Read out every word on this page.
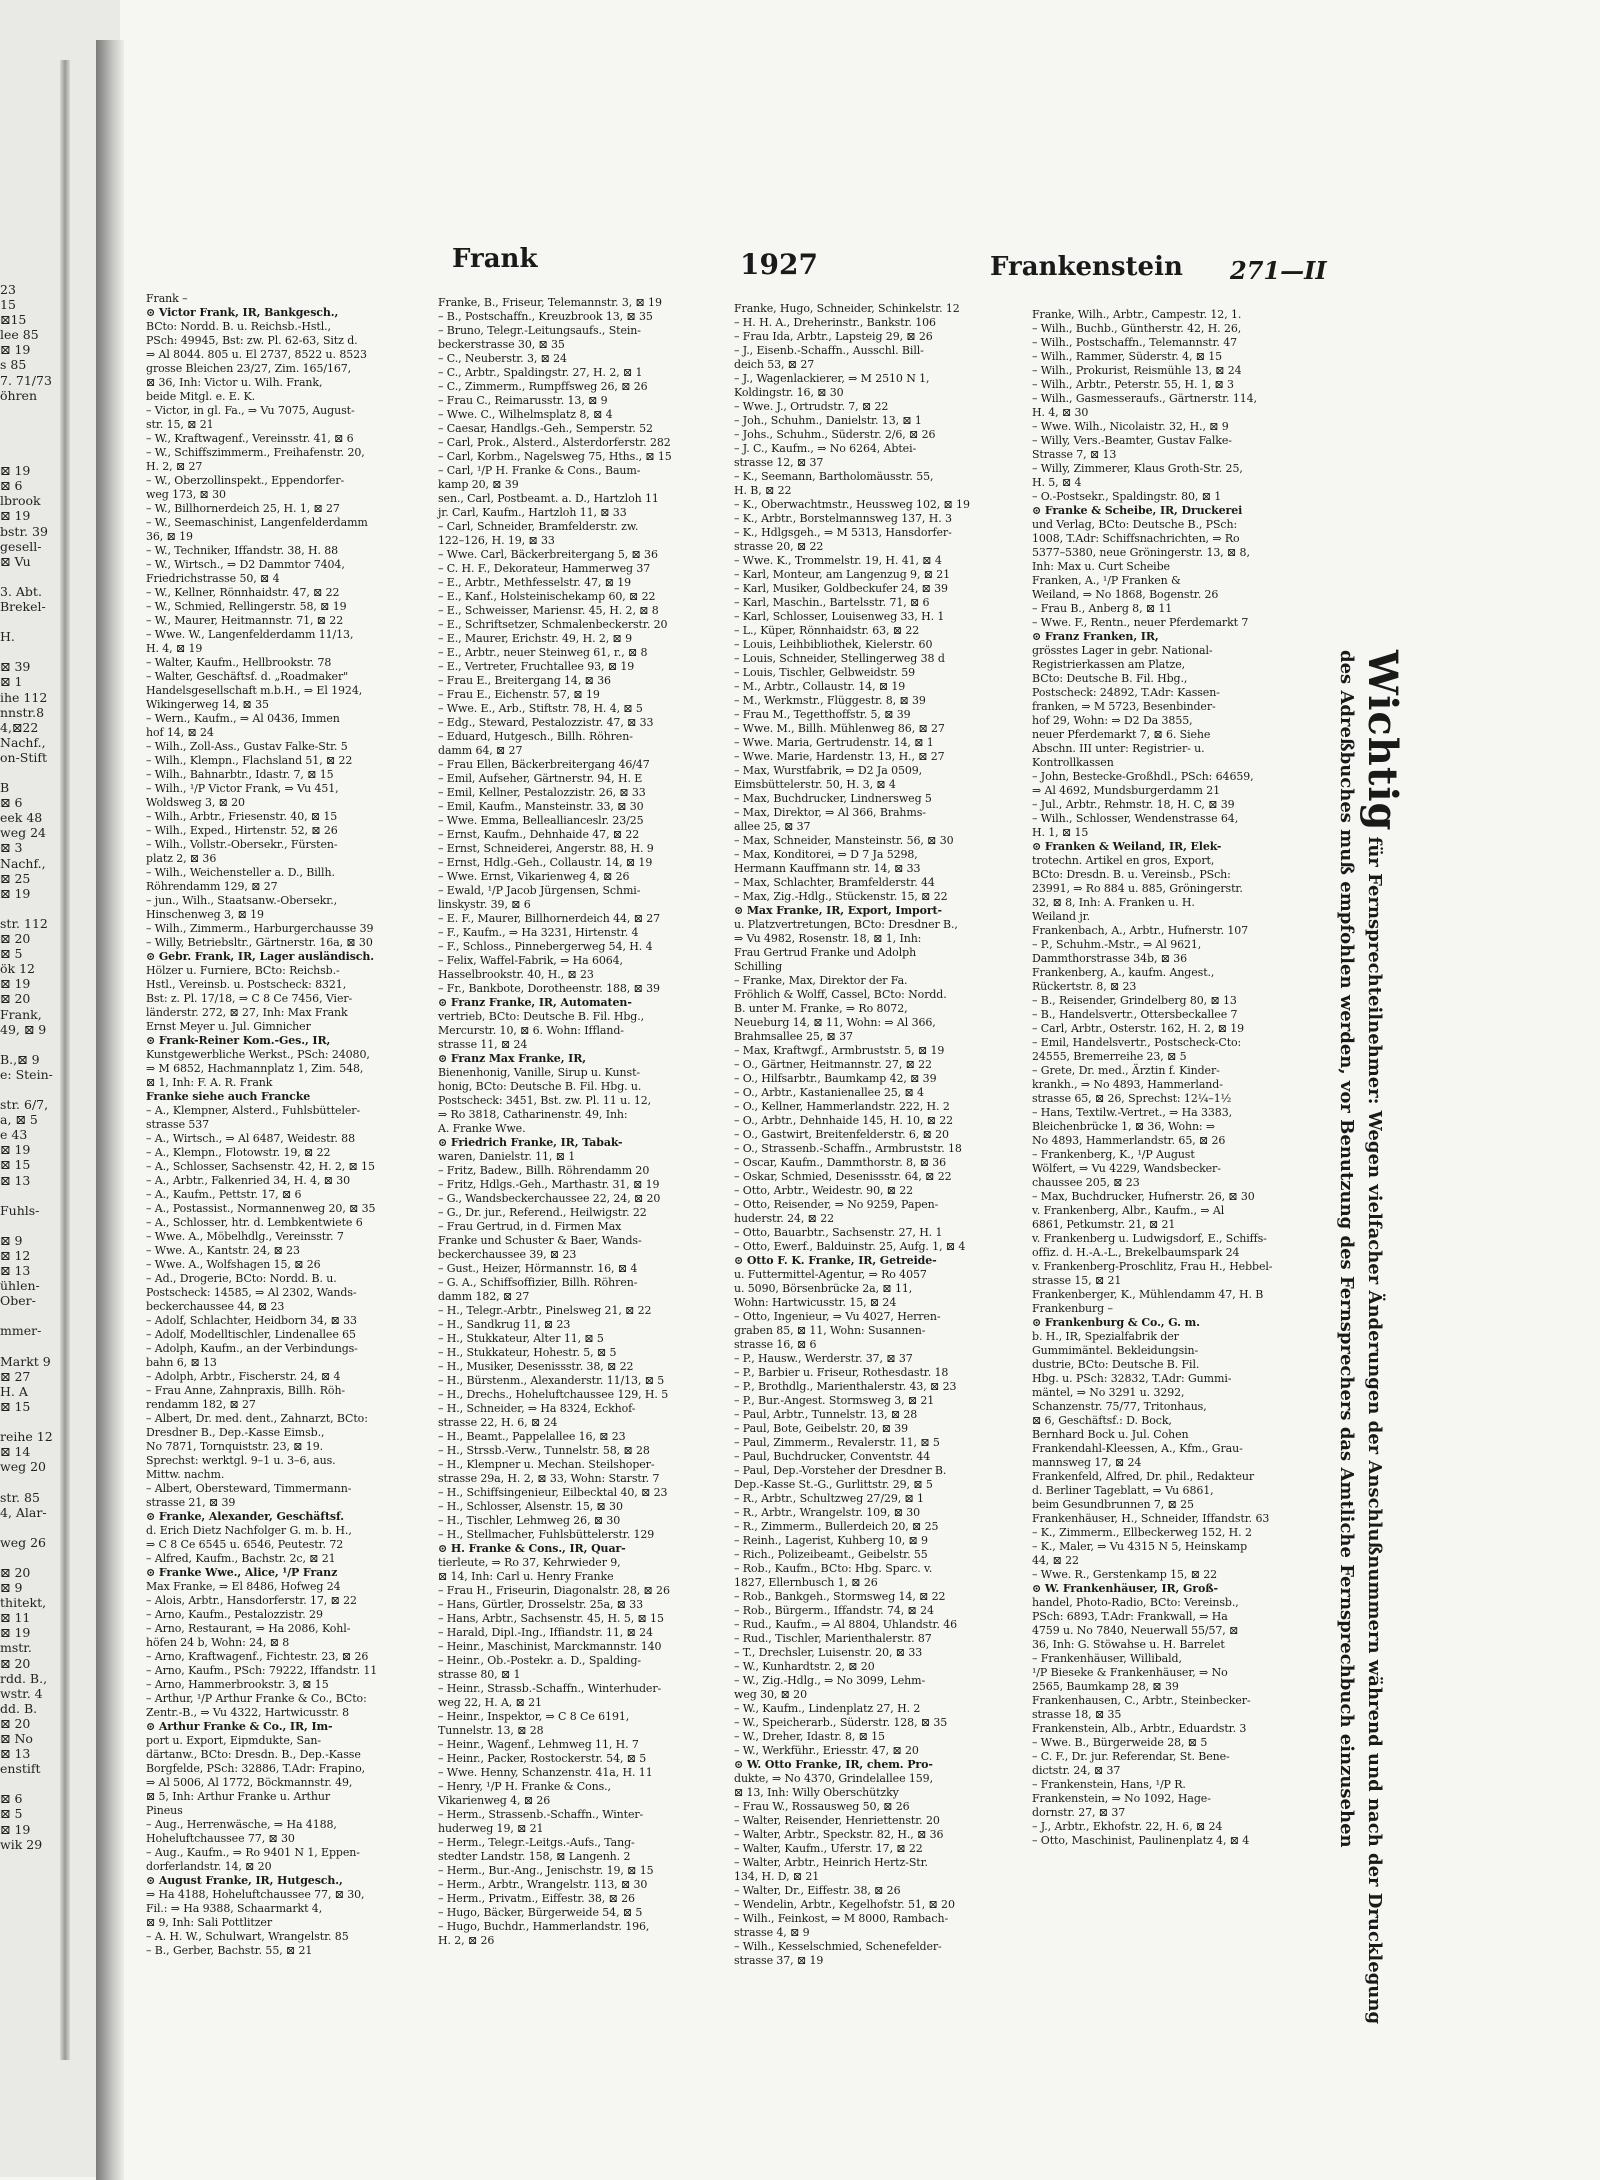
23
15
⊠15
lee 85
⊠ 19
s 85
7. 71/73
öhren
⊠ 19
⊠ 6
lbrook
⊠ 19
bstr. 39
gesell-
⊠ Vu
3. Abt.
Brekel-
H.
⊠ 39
⊠ 1
ihe 112
nnstr.8
4,⊠22
Nachf.,
on-Stift
B
⊠ 6
eek 48
weg 24
⊠ 3
Nachf.,
⊠ 25
⊠ 19
str. 112
⊠ 20
⊠ 5
ök 12
⊠ 19
⊠ 20
Frank,
49, ⊠ 9
B.,⊠ 9
e: Stein-
str. 6/7,
a, ⊠ 5
e 43
⊠ 19
⊠ 15
⊠ 13
Fuhls-
⊠ 9
⊠ 12
⊠ 13
ühlen-
Ober-
mmer-
Markt 9
⊠ 27
H. A
⊠ 15
reihe 12
⊠ 14
weg 20
str. 85
4, Alar-
weg 26
⊠ 20
⊠ 9
thitekt,
⊠ 11
⊠ 19
mstr.
⊠ 20
rdd. B.,
wstr. 4
dd. B.
⊠ 20
⊠ No
⊠ 13
enstift
⊠ 6
⊠ 5
⊠ 19
wik 29
Frank	1927	Frankenstein 271—II
Frank –
⊙ Victor Frank, IR, Bankgesch.,
BCto: Nordd. B. u. Reichsb.-Hstl.,
PSch: 49945, Bst: zw. Pl. 62-63, Sitz d.
⇒ Al 8044. 805 u. El 2737, 8522 u. 8523
grosse Bleichen 23/27, Zim. 165/167,
⊠ 36, Inh: Victor u. Wilh. Frank,
beide Mitgl. e. E. K.
– Victor, in gl. Fa., ⇒ Vu 7075, August-
str. 15, ⊠ 21
– W., Kraftwagenf., Vereinsstr. 41, ⊠ 6
– W., Schiffszimmerm., Freihafenstr. 20,
H. 2, ⊠ 27
– W., Oberzollinspekt., Eppendorfer-
weg 173, ⊠ 30
– W., Billhornerdeich 25, H. 1, ⊠ 27
– W., Seemaschinist, Langenfelderdamm
36, ⊠ 19
– W., Techniker, Iffandstr. 38, H. 88
– W., Wirtsch., ⇒ D2 Dammtor 7404,
Friedrichstrasse 50, ⊠ 4
– W., Kellner, Rönnhaidstr. 47, ⊠ 22
– W., Schmied, Rellingerstr. 58, ⊠ 19
– W., Maurer, Heitmannstr. 71, ⊠ 22
– Wwe. W., Langenfelderdamm 11/13,
H. 4, ⊠ 19
– Walter, Kaufm., Hellbrookstr. 78
– Walter, Geschäftsf. d. „Roadmaker"
Handelsgesellschaft m.b.H., ⇒ El 1924,
Wikingerweg 14, ⊠ 35
– Wern., Kaufm., ⇒ Al 0436, Immen
hof 14, ⊠ 24
– Wilh., Zoll-Ass., Gustav Falke-Str. 5
– Wilh., Klempn., Flachsland 51, ⊠ 22
– Wilh., Bahnarbtr., Idastr. 7, ⊠ 15
– Wilh., ¹/P Victor Frank, ⇒ Vu 451,
Woldsweg 3, ⊠ 20
– Wilh., Arbtr., Friesenstr. 40, ⊠ 15
– Wilh., Exped., Hirtenstr. 52, ⊠ 26
– Wilh., Vollstr.-Obersekr., Fürsten-
platz 2, ⊠ 36
– Wilh., Weichensteller a. D., Billh.
Röhrendamm 129, ⊠ 27
– jun., Wilh., Staatsanw.-Obersekr.,
Hinschenweg 3, ⊠ 19
– Wilh., Zimmerm., Harburgerchausse 39
– Willy, Betriebsltr., Gärtnerstr. 16a, ⊠ 30
⊙ Gebr. Frank, IR, Lager ausländisch.
Hölzer u. Furniere, BCto: Reichsb.-
Hstl., Vereinsb. u. Postscheck: 8321,
Bst: z. Pl. 17/18, ⇒ C 8 Ce 7456, Vier-
länderstr. 272, ⊠ 27, Inh: Max Frank
Ernst Meyer u. Jul. Gimnicher
⊙ Frank-Reiner Kom.-Ges., IR,
Kunstgewerbliche Werkst., PSch: 24080,
⇒ M 6852, Hachmannplatz 1, Zim. 548,
⊠ 1, Inh: F. A. R. Frank
Franke siehe auch Francke
– A., Klempner, Alsterd., Fuhlsbütteler-
strasse 537
– A., Wirtsch., ⇒ Al 6487, Weidestr. 88
– A., Klempn., Flotowstr. 19, ⊠ 22
– A., Schlosser, Sachsenstr. 42, H. 2, ⊠ 15
– A., Arbtr., Falkenried 34, H. 4, ⊠ 30
– A., Kaufm., Pettstr. 17, ⊠ 6
– A., Postassist., Normannenweg 20, ⊠ 35
– A., Schlosser, htr. d. Lembkentwiete 6
– Wwe. A., Möbelhdlg., Vereinsstr. 7
– Wwe. A., Kantstr. 24, ⊠ 23
– Wwe. A., Wolfshagen 15, ⊠ 26
– Ad., Drogerie, BCto: Nordd. B. u.
Postscheck: 14585, ⇒ Al 2302, Wands-
beckerchaussee 44, ⊠ 23
– Adolf, Schlachter, Heidborn 34, ⊠ 33
– Adolf, Modelltischler, Lindenallee 65
– Adolph, Kaufm., an der Verbindungs-
bahn 6, ⊠ 13
– Adolph, Arbtr., Fischerstr. 24, ⊠ 4
– Frau Anne, Zahnpraxis, Billh. Röh-
rendamm 182, ⊠ 27
– Albert, Dr. med. dent., Zahnarzt, BCto:
Dresdner B., Dep.-Kasse Eimsb.,
No 7871, Tornquiststr. 23, ⊠ 19.
Sprechst: werktgl. 9–1 u. 3–6, aus.
Mittw. nachm.
– Albert, Obersteward, Timmermann-
strasse 21, ⊠ 39
⊙ Franke, Alexander, Geschäftsf.
d. Erich Dietz Nachfolger G. m. b. H.,
⇒ C 8 Ce 6545 u. 6546, Peutestr. 72
– Alfred, Kaufm., Bachstr. 2c, ⊠ 21
⊙ Franke Wwe., Alice, ¹/P Franz
Max Franke, ⇒ El 8486, Hofweg 24
– Alois, Arbtr., Hansdorferstr. 17, ⊠ 22
– Arno, Kaufm., Pestalozzistr. 29
– Arno, Restaurant, ⇒ Ha 2086, Kohl-
höfen 24 b, Wohn: 24, ⊠ 8
– Arno, Kraftwagenf., Fichtestr. 23, ⊠ 26
– Arno, Kaufm., PSch: 79222, Iffandstr. 11
– Arno, Hammerbrookstr. 3, ⊠ 15
– Arthur, ¹/P Arthur Franke & Co., BCto:
Zentr.-B., ⇒ Vu 4322, Hartwicusstr. 8
⊙ Arthur Franke & Co., IR, Im-
port u. Export, Eipmdukte, San-
därtanw., BCto: Dresdn. B., Dep.-Kasse
Borgfelde, PSch: 32886, T.Adr: Frapino,
⇒ Al 5006, Al 1772, Böckmannstr. 49,
⊠ 5, Inh: Arthur Franke u. Arthur
Pineus
– Aug., Herrenwäsche, ⇒ Ha 4188,
Hoheluftchaussee 77, ⊠ 30
– Aug., Kaufm., ⇒ Ro 9401 N 1, Eppen-
dorferlandstr. 14, ⊠ 20
⊙ August Franke, IR, Hutgesch.,
⇒ Ha 4188, Hoheluftchaussee 77, ⊠ 30,
Fil.: ⇒ Ha 9388, Schaarmarkt 4,
⊠ 9, Inh: Sali Pottlitzer
– A. H. W., Schulwart, Wrangelstr. 85
– B., Gerber, Bachstr. 55, ⊠ 21
Franke, B., Friseur, Telemannstr. 3, ⊠ 19
– B., Postschaffn., Kreuzbrook 13, ⊠ 35
– Bruno, Telegr.-Leitungsaufs., Stein-
beckerstrasse 30, ⊠ 35
– C., Neuberstr. 3, ⊠ 24
– C., Arbtr., Spaldingstr. 27, H. 2, ⊠ 1
– C., Zimmerm., Rumpffsweg 26, ⊠ 26
– Frau C., Reimarusstr. 13, ⊠ 9
– Wwe. C., Wilhelmsplatz 8, ⊠ 4
– Caesar, Handlgs.-Geh., Semperstr. 52
– Carl, Prok., Alsterd., Alsterdorferstr. 282
– Carl, Korbm., Nagelsweg 75, Hths., ⊠ 15
– Carl, ¹/P H. Franke & Cons., Baum-
kamp 20, ⊠ 39
sen., Carl, Postbeamt. a. D., Hartzloh 11
jr. Carl, Kaufm., Hartzloh 11, ⊠ 33
– Carl, Schneider, Bramfelderstr. zw.
122–126, H. 19, ⊠ 33
– Wwe. Carl, Bäckerbreitergang 5, ⊠ 36
– C. H. F., Dekorateur, Hammerweg 37
– E., Arbtr., Methfesselstr. 47, ⊠ 19
– E., Kanf., Holsteinischekamp 60, ⊠ 22
– E., Schweisser, Mariensr. 45, H. 2, ⊠ 8
– E., Schriftsetzer, Schmalenbeckerstr. 20
– E., Maurer, Erichstr. 49, H. 2, ⊠ 9
– E., Arbtr., neuer Steinweg 61, r., ⊠ 8
– E., Vertreter, Fruchtallee 93, ⊠ 19
– Frau E., Breitergang 14, ⊠ 36
– Frau E., Eichenstr. 57, ⊠ 19
– Wwe. E., Arb., Stiftstr. 78, H. 4, ⊠ 5
– Edg., Steward, Pestalozzistr. 47, ⊠ 33
– Eduard, Hutgesch., Billh. Röhren-
damm 64, ⊠ 27
– Frau Ellen, Bäckerbreitergang 46/47
– Emil, Aufseher, Gärtnerstr. 94, H. E
– Emil, Kellner, Pestalozzistr. 26, ⊠ 33
– Emil, Kaufm., Mansteinstr. 33, ⊠ 30
– Wwe. Emma, Belleallianceslr. 23/25
– Ernst, Kaufm., Dehnhaide 47, ⊠ 22
– Ernst, Schneiderei, Angerstr. 88, H. 9
– Ernst, Hdlg.-Geh., Collaustr. 14, ⊠ 19
– Wwe. Ernst, Vikarienweg 4, ⊠ 26
– Ewald, ¹/P Jacob Jürgensen, Schmi-
linskystr. 39, ⊠ 6
– E. F., Maurer, Billhornerdeich 44, ⊠ 27
– F., Kaufm., ⇒ Ha 3231, Hirtenstr. 4
– F., Schloss., Pinnebergerweg 54, H. 4
– Felix, Waffel-Fabrik, ⇒ Ha 6064,
Hasselbrookstr. 40, H., ⊠ 23
– Fr., Bankbote, Dorotheenstr. 188, ⊠ 39
⊙ Franz Franke, IR, Automaten-
vertrieb, BCto: Deutsche B. Fil. Hbg.,
Mercurstr. 10, ⊠ 6. Wohn: Iffland-
strasse 11, ⊠ 24
⊙ Franz Max Franke, IR,
Bienenhonig, Vanille, Sirup u. Kunst-
honig, BCto: Deutsche B. Fil. Hbg. u.
Postscheck: 3451, Bst. zw. Pl. 11 u. 12,
⇒ Ro 3818, Catharinenstr. 49, Inh:
A. Franke Wwe.
⊙ Friedrich Franke, IR, Tabak-
waren, Danielstr. 11, ⊠ 1
– Fritz, Badew., Billh. Röhrendamm 20
– Fritz, Hdlgs.-Geh., Marthastr. 31, ⊠ 19
– G., Wandsbeckerchaussee 22, 24, ⊠ 20
– G., Dr. jur., Referend., Heilwigstr. 22
– Frau Gertrud, in d. Firmen Max
Franke und Schuster & Baer, Wands-
beckerchaussee 39, ⊠ 23
– Gust., Heizer, Hörmannstr. 16, ⊠ 4
– G. A., Schiffsoffizier, Billh. Röhren-
damm 182, ⊠ 27
– H., Telegr.-Arbtr., Pinelsweg 21, ⊠ 22
– H., Sandkrug 11, ⊠ 23
– H., Stukkateur, Alter 11, ⊠ 5
– H., Stukkateur, Hohestr. 5, ⊠ 5
– H., Musiker, Desenissstr. 38, ⊠ 22
– H., Bürstenm., Alexanderstr. 11/13, ⊠ 5
– H., Drechs., Hoheluftchaussee 129, H. 5
– H., Schneider, ⇒ Ha 8324, Eckhof-
strasse 22, H. 6, ⊠ 24
– H., Beamt., Pappelallee 16, ⊠ 23
– H., Strssb.-Verw., Tunnelstr. 58, ⊠ 28
– H., Klempner u. Mechan. Steilshoper-
strasse 29a, H. 2, ⊠ 33, Wohn: Starstr. 7
– H., Schiffsingenieur, Eilbecktal 40, ⊠ 23
– H., Schlosser, Alsenstr. 15, ⊠ 30
– H., Tischler, Lehmweg 26, ⊠ 30
– H., Stellmacher, Fuhlsbüttelerstr. 129
⊙ H. Franke & Cons., IR, Quar-
tierleute, ⇒ Ro 37, Kehrwieder 9,
⊠ 14, Inh: Carl u. Henry Franke
– Frau H., Friseurin, Diagonalstr. 28, ⊠ 26
– Hans, Gürtler, Drosselstr. 25a, ⊠ 33
– Hans, Arbtr., Sachsenstr. 45, H. 5, ⊠ 15
– Harald, Dipl.-Ing., Iffiandstr. 11, ⊠ 24
– Heinr., Maschinist, Marckmannstr. 140
– Heinr., Ob.-Postekr. a. D., Spalding-
strasse 80, ⊠ 1
– Heinr., Strassb.-Schaffn., Winterhuder-
weg 22, H. A, ⊠ 21
– Heinr., Inspektor, ⇒ C 8 Ce 6191,
Tunnelstr. 13, ⊠ 28
– Heinr., Wagenf., Lehmweg 11, H. 7
– Heinr., Packer, Rostockerstr. 54, ⊠ 5
– Wwe. Henny, Schanzenstr. 41a, H. 11
– Henry, ¹/P H. Franke & Cons.,
Vikarienweg 4, ⊠ 26
– Herm., Strassenb.-Schaffn., Winter-
huderweg 19, ⊠ 21
– Herm., Telegr.-Leitgs.-Aufs., Tang-
stedter Landstr. 158, ⊠ Langenh. 2
– Herm., Bur.-Ang., Jenischstr. 19, ⊠ 15
– Herm., Arbtr., Wrangelstr. 113, ⊠ 30
– Herm., Privatm., Eiffestr. 38, ⊠ 26
– Hugo, Bäcker, Bürgerweide 54, ⊠ 5
– Hugo, Buchdr., Hammerlandstr. 196,
H. 2, ⊠ 26
Franke, Hugo, Schneider, Schinkelstr. 12
– H. H. A., Dreherinstr., Bankstr. 106
– Frau Ida, Arbtr., Lapsteig 29, ⊠ 26
– J., Eisenb.-Schaffn., Ausschl. Bill-
deich 53, ⊠ 27
– J., Wagenlackierer, ⇒ M 2510 N 1,
Koldingstr. 16, ⊠ 30
– Wwe. J., Ortrudstr. 7, ⊠ 22
– Joh., Schuhm., Danielstr. 13, ⊠ 1
– Johs., Schuhm., Süderstr. 2/6, ⊠ 26
– J. C., Kaufm., ⇒ No 6264, Abtei-
strasse 12, ⊠ 37
– K., Seemann, Bartholomäusstr. 55,
H. B, ⊠ 22
– K., Oberwachtmstr., Heussweg 102, ⊠ 19
– K., Arbtr., Borstelmannsweg 137, H. 3
– K., Hdlgsgeh., ⇒ M 5313, Hansdorfer-
strasse 20, ⊠ 22
– Wwe. K., Trommelstr. 19, H. 41, ⊠ 4
– Karl, Monteur, am Langenzug 9, ⊠ 21
– Karl, Musiker, Goldbeckufer 24, ⊠ 39
– Karl, Maschin., Bartelsstr. 71, ⊠ 6
– Karl, Schlosser, Louisenweg 33, H. 1
– L., Küper, Rönnhaidstr. 63, ⊠ 22
– Louis, Leihbibliothek, Kielerstr. 60
– Louis, Schneider, Stellingerweg 38 d
– Louis, Tischler, Gelbweidstr. 59
– M., Arbtr., Collaustr. 14, ⊠ 19
– M., Werkmstr., Flüggestr. 8, ⊠ 39
– Frau M., Tegetthoffstr. 5, ⊠ 39
– Wwe. M., Billh. Mühlenweg 86, ⊠ 27
– Wwe. Maria, Gertrudenstr. 14, ⊠ 1
– Wwe. Marie, Hardenstr. 13, H., ⊠ 27
– Max, Wurstfabrik, ⇒ D2 Ja 0509,
Eimsbüttelerstr. 50, H. 3, ⊠ 4
– Max, Buchdrucker, Lindnersweg 5
– Max, Direktor, ⇒ Al 366, Brahms-
allee 25, ⊠ 37
– Max, Schneider, Mansteinstr. 56, ⊠ 30
– Max, Konditorei, ⇒ D 7 Ja 5298,
Hermann Kauffmann str. 14, ⊠ 33
– Max, Schlachter, Bramfelderstr. 44
– Max, Zig.-Hdlg., Stückenstr. 15, ⊠ 22
⊙ Max Franke, IR, Export, Import-
u. Platzvertretungen, BCto: Dresdner B.,
⇒ Vu 4982, Rosenstr. 18, ⊠ 1, Inh:
Frau Gertrud Franke und Adolph
Schilling
– Franke, Max, Direktor der Fa.
Fröhlich & Wolff, Cassel, BCto: Nordd.
B. unter M. Franke, ⇒ Ro 8072,
Neueburg 14, ⊠ 11, Wohn: ⇒ Al 366,
Brahmsallee 25, ⊠ 37
– Max, Kraftwgf., Armbruststr. 5, ⊠ 19
– O., Gärtner, Heitmannstr. 27, ⊠ 22
– O., Hilfsarbtr., Baumkamp 42, ⊠ 39
– O., Arbtr., Kastanienallee 25, ⊠ 4
– O., Kellner, Hammerlandstr. 222, H. 2
– O., Arbtr., Dehnhaide 145, H. 10, ⊠ 22
– O., Gastwirt, Breitenfelderstr. 6, ⊠ 20
– O., Strassenb.-Schaffn., Armbruststr. 18
– Oscar, Kaufm., Dammthorstr. 8, ⊠ 36
– Oskar, Schmied, Desenissstr. 64, ⊠ 22
– Otto, Arbtr., Weidestr. 90, ⊠ 22
– Otto, Reisender, ⇒ No 9259, Papen-
huderstr. 24, ⊠ 22
– Otto, Bauarbtr., Sachsenstr. 27, H. 1
– Otto, Ewerf., Balduinstr. 25, Aufg. 1, ⊠ 4
⊙ Otto F. K. Franke, IR, Getreide-
u. Futtermittel-Agentur, ⇒ Ro 4057
u. 5090, Börsenbrücke 2a, ⊠ 11,
Wohn: Hartwicusstr. 15, ⊠ 24
– Otto, Ingenieur, ⇒ Vu 4027, Herren-
graben 85, ⊠ 11, Wohn: Susannen-
strasse 16, ⊠ 6
– P., Hausw., Werderstr. 37, ⊠ 37
– P., Barbier u. Friseur, Rothesdastr. 18
– P., Brothdlg., Marienthalerstr. 43, ⊠ 23
– P., Bur.-Angest. Stormsweg 3, ⊠ 21
– Paul, Arbtr., Tunnelstr. 13, ⊠ 28
– Paul, Bote, Geibelstr. 20, ⊠ 39
– Paul, Zimmerm., Revalerstr. 11, ⊠ 5
– Paul, Buchdrucker, Conventstr. 44
– Paul, Dep.-Vorsteher der Dresdner B.
Dep.-Kasse St.-G., Gurlittstr. 29, ⊠ 5
– R., Arbtr., Schultzweg 27/29, ⊠ 1
– R., Arbtr., Wrangelstr. 109, ⊠ 30
– R., Zimmerm., Bullerdeich 20, ⊠ 25
– Reinh., Lagerist, Kuhberg 10, ⊠ 9
– Rich., Polizeibeamt., Geibelstr. 55
– Rob., Kaufm., BCto: Hbg. Sparc. v.
1827, Ellernbusch 1, ⊠ 26
– Rob., Bankgeh., Stormsweg 14, ⊠ 22
– Rob., Bürgerm., Iffandstr. 74, ⊠ 24
– Rud., Kaufm., ⇒ Al 8804, Uhlandstr. 46
– Rud., Tischler, Marienthalerstr. 87
– T., Drechsler, Luisenstr. 20, ⊠ 33
– W., Kunhardtstr. 2, ⊠ 20
– W., Zig.-Hdlg., ⇒ No 3099, Lehm-
weg 30, ⊠ 20
– W., Kaufm., Lindenplatz 27, H. 2
– W., Speicherarb., Süderstr. 128, ⊠ 35
– W., Dreher, Idastr. 8, ⊠ 15
– W., Werkführ., Eriesstr. 47, ⊠ 20
⊙ W. Otto Franke, IR, chem. Pro-
dukte, ⇒ No 4370, Grindelallee 159,
⊠ 13, Inh: Willy Oberschützky
– Frau W., Rossausweg 50, ⊠ 26
– Walter, Reisender, Henriettenstr. 20
– Walter, Arbtr., Speckstr. 82, H., ⊠ 36
– Walter, Kaufm., Uferstr. 17, ⊠ 22
– Walter, Arbtr., Heinrich Hertz-Str.
134, H. D, ⊠ 21
– Walter, Dr., Eiffestr. 38, ⊠ 26
– Wendelin, Arbtr., Kegelhofstr. 51, ⊠ 20
– Wilh., Feinkost, ⇒ M 8000, Rambach-
strasse 4, ⊠ 9
– Wilh., Kesselschmied, Schenefelder-
strasse 37, ⊠ 19
Franke, Wilh., Arbtr., Campestr. 12, 1.
– Wilh., Buchb., Güntherstr. 42, H. 26,
– Wilh., Postschaffn., Telemannstr. 47
– Wilh., Rammer, Süderstr. 4, ⊠ 15
– Wilh., Prokurist, Reismühle 13, ⊠ 24
– Wilh., Arbtr., Peterstr. 55, H. 1, ⊠ 3
– Wilh., Gasmesseraufs., Gärtnerstr. 114,
H. 4, ⊠ 30
– Wwe. Wilh., Nicolaistr. 32, H., ⊠ 9
– Willy, Vers.-Beamter, Gustav Falke-
Strasse 7, ⊠ 13
– Willy, Zimmerer, Klaus Groth-Str. 25,
H. 5, ⊠ 4
– O.-Postsekr., Spaldingstr. 80, ⊠ 1
⊙ Franke & Scheibe, IR, Druckerei
und Verlag, BCto: Deutsche B., PSch:
1008, T.Adr: Schiffsnachrichten, ⇒ Ro
5377–5380, neue Gröningerstr. 13, ⊠ 8,
Inh: Max u. Curt Scheibe
Franken, A., ¹/P Franken &
Weiland, ⇒ No 1868, Bogenstr. 26
– Frau B., Anberg 8, ⊠ 11
– Wwe. F., Rentn., neuer Pferdemarkt 7
⊙ Franz Franken, IR,
grösstes Lager in gebr. National-
Registrierkassen am Platze,
BCto: Deutsche B. Fil. Hbg.,
Postscheck: 24892, T.Adr: Kassen-
franken, ⇒ M 5723, Besenbinder-
hof 29, Wohn: ⇒ D2 Da 3855,
neuer Pferdemarkt 7, ⊠ 6. Siehe
Abschn. III unter: Registrier- u.
Kontrollkassen
– John, Bestecke-Großhdl., PSch: 64659,
⇒ Al 4692, Mundsburgerdamm 21
– Jul., Arbtr., Rehmstr. 18, H. C, ⊠ 39
– Wilh., Schlosser, Wendenstrasse 64,
H. 1, ⊠ 15
⊙ Franken & Weiland, IR, Elek-
trotechn. Artikel en gros, Export,
BCto: Dresdn. B. u. Vereinsb., PSch:
23991, ⇒ Ro 884 u. 885, Gröningerstr.
32, ⊠ 8, Inh: A. Franken u. H.
Weiland jr.
Frankenbach, A., Arbtr., Hufnerstr. 107
– P., Schuhm.-Mstr., ⇒ Al 9621,
Dammthorstrasse 34b, ⊠ 36
Frankenberg, A., kaufm. Angest.,
Rückertstr. 8, ⊠ 23
– B., Reisender, Grindelberg 80, ⊠ 13
– B., Handelsvertr., Ottersbeckallee 7
– Carl, Arbtr., Osterstr. 162, H. 2, ⊠ 19
– Emil, Handelsvertr., Postscheck-Cto:
24555, Bremerreihe 23, ⊠ 5
– Grete, Dr. med., Ärztin f. Kinder-
krankh., ⇒ No 4893, Hammerland-
strasse 65, ⊠ 26, Sprechst: 12¼–1½
– Hans, Textilw.-Vertret., ⇒ Ha 3383,
Bleichenbrücke 1, ⊠ 36, Wohn: ⇒
No 4893, Hammerlandstr. 65, ⊠ 26
– Frankenberg, K., ¹/P August
Wölfert, ⇒ Vu 4229, Wandsbecker-
chaussee 205, ⊠ 23
– Max, Buchdrucker, Hufnerstr. 26, ⊠ 30
v. Frankenberg, Albr., Kaufm., ⇒ Al
6861, Petkumstr. 21, ⊠ 21
v. Frankenberg u. Ludwigsdorf, E., Schiffs-
offiz. d. H.-A.-L., Brekelbaumspark 24
v. Frankenberg-Proschlitz, Frau H., Hebbel-
strasse 15, ⊠ 21
Frankenberger, K., Mühlendamm 47, H. B
Frankenburg –
⊙ Frankenburg & Co., G. m.
b. H., IR, Spezialfabrik der
Gummimäntel. Bekleidungsin-
dustrie, BCto: Deutsche B. Fil.
Hbg. u. PSch: 32832, T.Adr: Gummi-
mäntel, ⇒ No 3291 u. 3292,
Schanzenstr. 75/77, Tritonhaus,
⊠ 6, Geschäftsf.: D. Bock,
Bernhard Bock u. Jul. Cohen
Frankendahl-Kleessen, A., Kfm., Grau-
mannsweg 17, ⊠ 24
Frankenfeld, Alfred, Dr. phil., Redakteur
d. Berliner Tageblatt, ⇒ Vu 6861,
beim Gesundbrunnen 7, ⊠ 25
Frankenhäuser, H., Schneider, Iffandstr. 63
– K., Zimmerm., Ellbeckerweg 152, H. 2
– K., Maler, ⇒ Vu 4315 N 5, Heinskamp
44, ⊠ 22
– Wwe. R., Gerstenkamp 15, ⊠ 22
⊙ W. Frankenhäuser, IR, Groß-
handel, Photo-Radio, BCto: Vereinsb.,
PSch: 6893, T.Adr: Frankwall, ⇒ Ha
4759 u. No 7840, Neuerwall 55/57, ⊠
36, Inh: G. Stöwahse u. H. Barrelet
– Frankenhäuser, Willibald,
¹/P Bieseke & Frankenhäuser, ⇒ No
2565, Baumkamp 28, ⊠ 39
Frankenhausen, C., Arbtr., Steinbecker-
strasse 18, ⊠ 35
Frankenstein, Alb., Arbtr., Eduardstr. 3
– Wwe. B., Bürgerweide 28, ⊠ 5
– C. F., Dr. jur. Referendar, St. Bene-
dictstr. 24, ⊠ 37
– Frankenstein, Hans, ¹/P R.
Frankenstein, ⇒ No 1092, Hage-
dornstr. 27, ⊠ 37
– J., Arbtr., Ekhofstr. 22, H. 6, ⊠ 24
– Otto, Maschinist, Paulinenplatz 4, ⊠ 4
Wichtig für Fernsprechteilnehmer: Wegen vielfacher Änderungen der Anschlußnummern während und nach der Drucklegung
des Adreßbuches muß empfohlen werden, vor Benutzung des Fernsprechers das Amtliche Fernsprechbuch einzusehen
